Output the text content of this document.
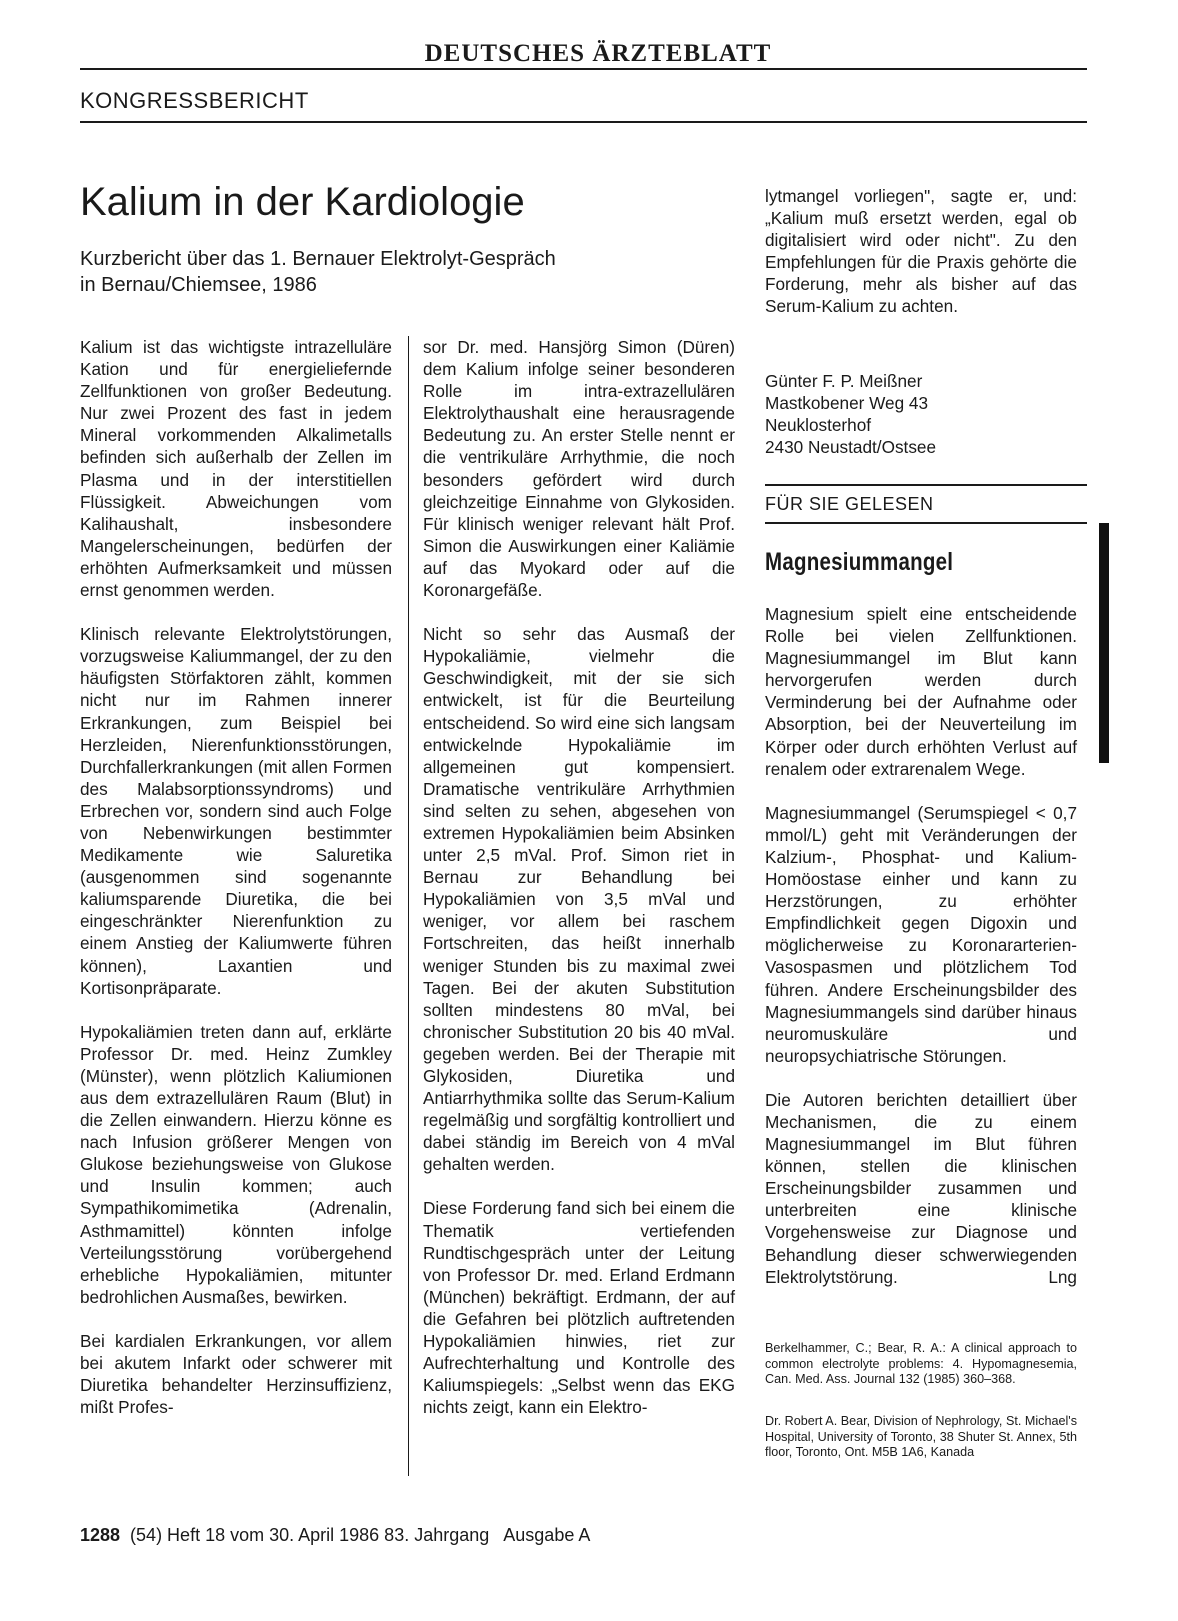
DEUTSCHES ÄRZTEBLATT
KONGRESSBERICHT
Kalium in der Kardiologie
Kurzbericht über das 1. Bernauer Elektrolyt-Gespräch
in Bernau/Chiemsee, 1986

Kalium ist das wichtigste intrazelluläre Kation und für energieliefernde Zellfunktionen von großer Bedeutung. Nur zwei Prozent des fast in jedem Mineral vorkommenden Alkalimetalls befinden sich außerhalb der Zellen im Plasma und in der interstitiellen Flüssigkeit. Abweichungen vom Kalihaushalt, insbesondere Mangelerscheinungen, bedürfen der erhöhten Aufmerksamkeit und müssen ernst genommen werden.

Klinisch relevante Elektrolytstörungen, vorzugsweise Kaliummangel, der zu den häufigsten Störfaktoren zählt, kommen nicht nur im Rahmen innerer Erkrankungen, zum Beispiel bei Herzleiden, Nierenfunktionsstörungen, Durchfallerkrankungen (mit allen Formen des Malabsorptionssyndroms) und Erbrechen vor, sondern sind auch Folge von Nebenwirkungen bestimmter Medikamente wie Saluretika (ausgenommen sind sogenannte kaliumsparende Diuretika, die bei eingeschränkter Nierenfunktion zu einem Anstieg der Kaliumwerte führen können), Laxantien und Kortisonpräparate.

Hypokaliämien treten dann auf, erklärte Professor Dr. med. Heinz Zumkley (Münster), wenn plötzlich Kaliumionen aus dem extrazellulären Raum (Blut) in die Zellen einwandern. Hierzu könne es nach Infusion größerer Mengen von Glukose beziehungsweise von Glukose und Insulin kommen; auch Sympathikomimetika (Adrenalin, Asthmamittel) könnten infolge Verteilungsstörung vorübergehend erhebliche Hypokaliämien, mitunter bedrohlichen Ausmaßes, bewirken.

Bei kardialen Erkrankungen, vor allem bei akutem Infarkt oder schwerer mit Diuretika behandelter Herzinsuffizienz, mißt Profes-

sor Dr. med. Hansjörg Simon (Düren) dem Kalium infolge seiner besonderen Rolle im intra-extrazellulären Elektrolythaushalt eine herausragende Bedeutung zu. An erster Stelle nennt er die ventrikuläre Arrhythmie, die noch besonders gefördert wird durch gleichzeitige Einnahme von Glykosiden. Für klinisch weniger relevant hält Prof. Simon die Auswirkungen einer Kaliämie auf das Myokard oder auf die Koronargefäße.

Nicht so sehr das Ausmaß der Hypokaliämie, vielmehr die Geschwindigkeit, mit der sie sich entwickelt, ist für die Beurteilung entscheidend. So wird eine sich langsam entwickelnde Hypokaliämie im allgemeinen gut kompensiert. Dramatische ventrikuläre Arrhythmien sind selten zu sehen, abgesehen von extremen Hypokaliämien beim Absinken unter 2,5 mVal. Prof. Simon riet in Bernau zur Behandlung bei Hypokaliämien von 3,5 mVal und weniger, vor allem bei raschem Fortschreiten, das heißt innerhalb weniger Stunden bis zu maximal zwei Tagen. Bei der akuten Substitution sollten mindestens 80 mVal, bei chronischer Substitution 20 bis 40 mVal. gegeben werden. Bei der Therapie mit Glykosiden, Diuretika und Antiarrhythmika sollte das Serum-Kalium regelmäßig und sorgfältig kontrolliert und dabei ständig im Bereich von 4 mVal gehalten werden.

Diese Forderung fand sich bei einem die Thematik vertiefenden Rundtischgespräch unter der Leitung von Professor Dr. med. Erland Erdmann (München) bekräftigt. Erdmann, der auf die Gefahren bei plötzlich auftretenden Hypokaliämien hinwies, riet zur Aufrechterhaltung und Kontrolle des Kaliumspiegels: „Selbst wenn das EKG nichts zeigt, kann ein Elektro-

lytmangel vorliegen", sagte er, und: „Kalium muß ersetzt werden, egal ob digitalisiert wird oder nicht". Zu den Empfehlungen für die Praxis gehörte die Forderung, mehr als bisher auf das Serum-Kalium zu achten.

Günter F. P. Meißner
Mastkobener Weg 43
Neuklosterhof
2430 Neustadt/Ostsee
FÜR SIE GELESEN
Magnesiummangel

Magnesium spielt eine entscheidende Rolle bei vielen Zellfunktionen. Magnesiummangel im Blut kann hervorgerufen werden durch Verminderung bei der Aufnahme oder Absorption, bei der Neuverteilung im Körper oder durch erhöhten Verlust auf renalem oder extrarenalem Wege.

Magnesiummangel (Serumspiegel < 0,7 mmol/L) geht mit Veränderungen der Kalzium-, Phosphat- und Kalium-Homöostase einher und kann zu Herzstörungen, zu erhöhter Empfindlichkeit gegen Digoxin und möglicherweise zu Koronararterien-Vasospasmen und plötzlichem Tod führen. Andere Erscheinungsbilder des Magnesiummangels sind darüber hinaus neuromuskuläre und neuropsychiatrische Störungen.

Die Autoren berichten detailliert über Mechanismen, die zu einem Magnesiummangel im Blut führen können, stellen die klinischen Erscheinungsbilder zusammen und unterbreiten eine klinische Vorgehensweise zur Diagnose und Behandlung dieser schwerwiegenden Elektrolytstörung.	Lng

Berkelhammer, C.; Bear, R. A.: A clinical approach to common electrolyte problems: 4. Hypomagnesemia, Can. Med. Ass. Journal 132 (1985) 360–368.
Dr. Robert A. Bear, Division of Nephrology, St. Michael's Hospital, University of Toronto, 38 Shuter St. Annex, 5th floor, Toronto, Ont. M5B 1A6, Kanada
1288 (54) Heft 18 vom 30. April 1986 83. Jahrgang   Ausgabe A
